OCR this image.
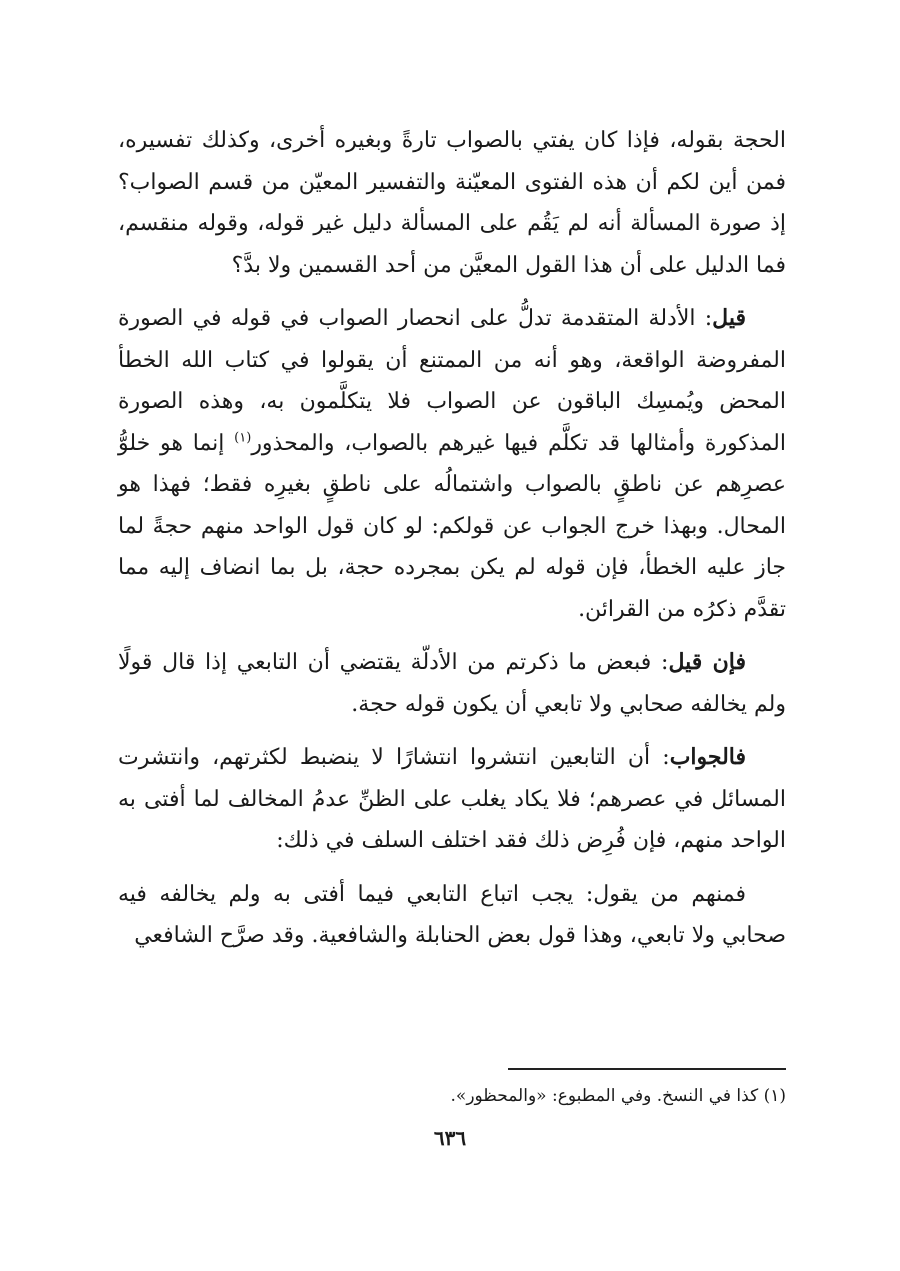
الحجة بقوله، فإذا كان يفتي بالصواب تارةً وبغيره أخرى، وكذلك تفسيره، فمن أين لكم أن هذه الفتوى المعيّنة والتفسير المعيّن من قسم الصواب؟ إذ صورة المسألة أنه لم يَقُم على المسألة دليل غير قوله، وقوله منقسم، فما الدليل على أن هذا القول المعيَّن من أحد القسمين ولا بدَّ؟

قيل: الأدلة المتقدمة تدلُّ على انحصار الصواب في قوله في الصورة المفروضة الواقعة، وهو أنه من الممتنع أن يقولوا في كتاب الله الخطأ المحض ويُمسِك الباقون عن الصواب فلا يتكلَّمون به، وهذه الصورة المذكورة وأمثالها قد تكلَّم فيها غيرهم بالصواب، والمحذور$^{(١)}$ إنما هو خلوُّ عصرِهم عن ناطقٍ بالصواب واشتمالُه على ناطقٍ بغيرِه فقط؛ فهذا هو المحال. وبهذا خرج الجواب عن قولكم: لو كان قول الواحد منهم حجةً لما جاز عليه الخطأ، فإن قوله لم يكن بمجرده حجة، بل بما انضاف إليه مما تقدَّم ذكرُه من القرائن.

فإن قيل: فبعض ما ذكرتم من الأدلّة يقتضي أن التابعي إذا قال قولًا ولم يخالفه صحابي ولا تابعي أن يكون قوله حجة.

فالجواب: أن التابعين انتشروا انتشارًا لا ينضبط لكثرتهم، وانتشرت المسائل في عصرهم؛ فلا يكاد يغلب على الظنِّ عدمُ المخالف لما أفتى به الواحد منهم، فإن فُرِض ذلك فقد اختلف السلف في ذلك:

فمنهم من يقول: يجب اتباع التابعي فيما أفتى به ولم يخالفه فيه صحابي ولا تابعي، وهذا قول بعض الحنابلة والشافعية. وقد صرَّح الشافعي

(١) كذا في النسخ. وفي المطبوع: «والمحظور».
٦٣٦
